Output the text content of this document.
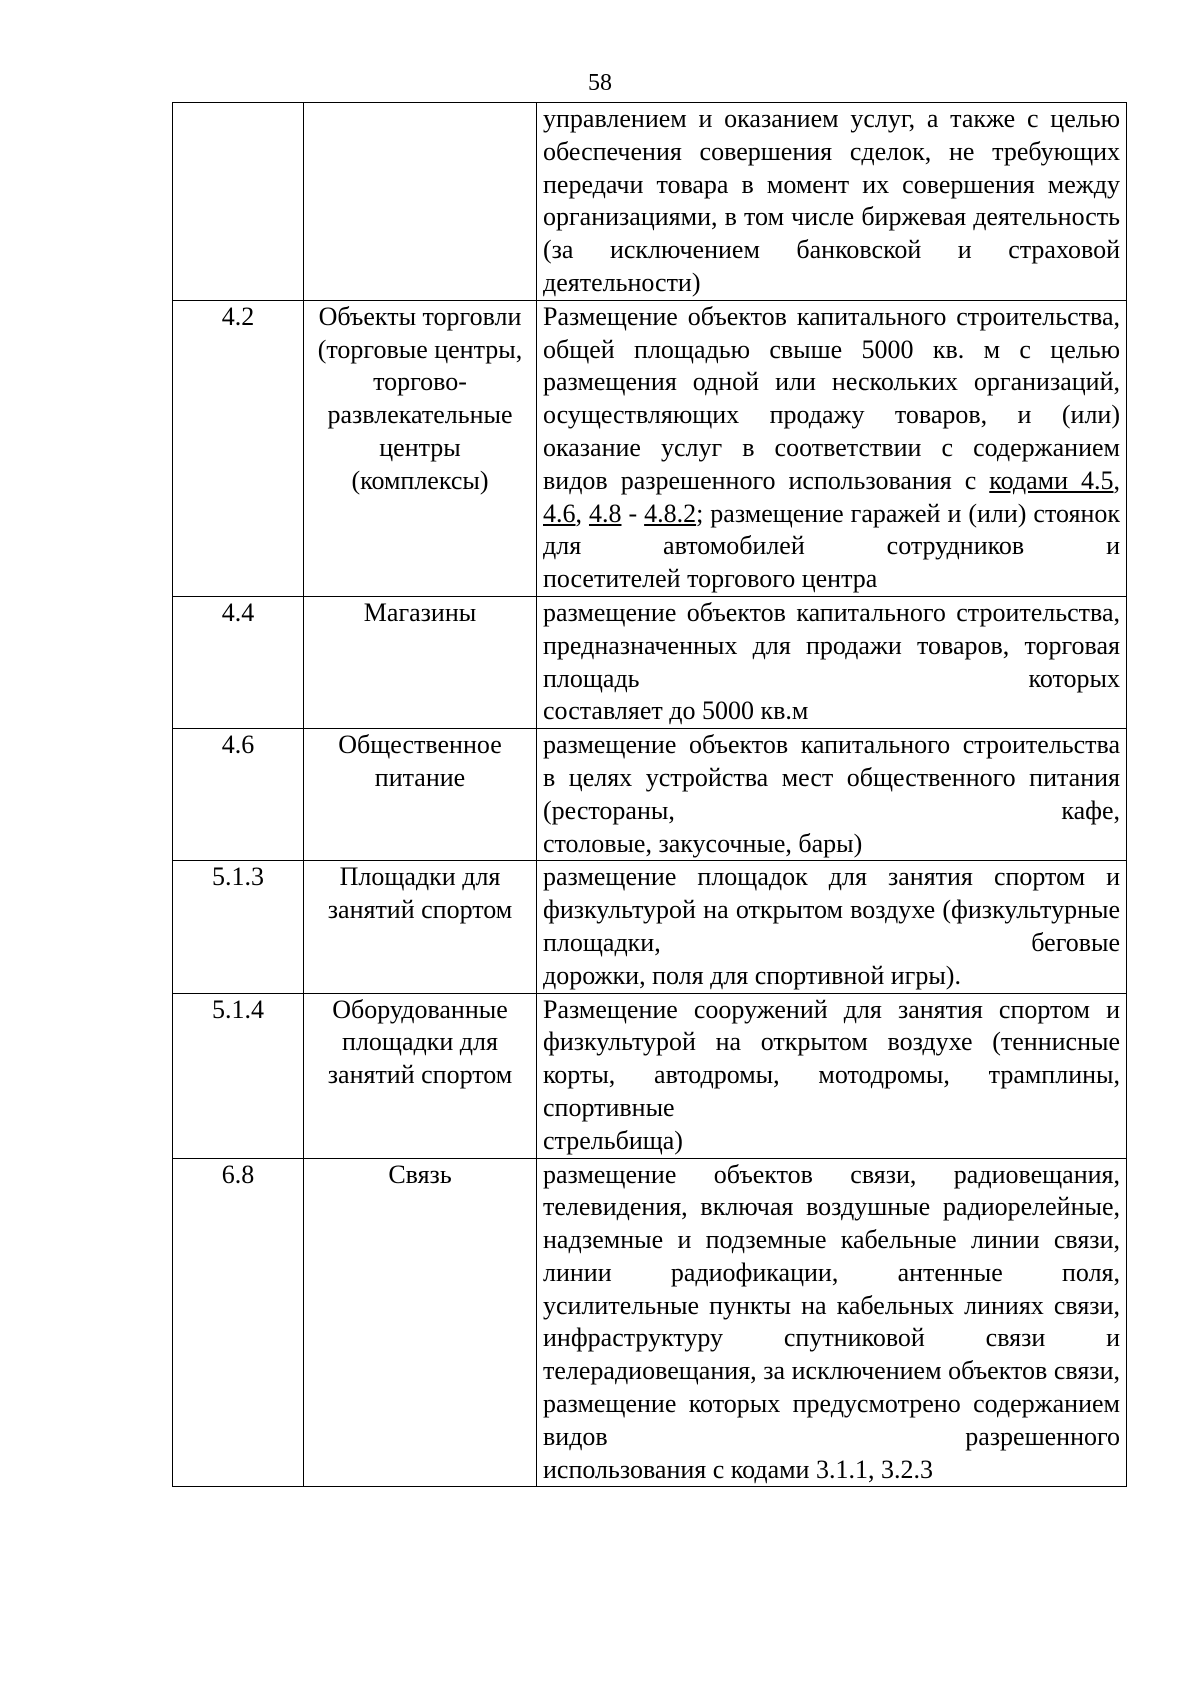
58
		управлением и оказанием услуг, а также с целью обеспечения совершения сделок, не требующих передачи товара в момент их совершения между организациями, в том числе биржевая деятельность (за исключением банковской и страховой
деятельности)

4.2	Объекты торговли (торговые центры, торгово-развлекательные центры (комплексы)	Размещение объектов капитального строительства, общей площадью свыше 5000 кв. м с целью размещения одной или нескольких организаций, осуществляющих продажу товаров, и (или) оказание услуг в соответствии с содержанием видов разрешенного использования с кодами 4.5, 4.6, 4.8 - 4.8.2; размещение гаражей и (или) стоянок для автомобилей сотрудников и
посетителей торгового центра

4.4	Магазины	размещение объектов капитального строительства, предназначенных для продажи товаров, торговая площадь которых
составляет до 5000 кв.м

4.6	Общественное питание	размещение объектов капитального строительства в целях устройства мест общественного питания (рестораны, кафе,
столовые, закусочные, бары)

5.1.3	Площадки для занятий спортом	размещение площадок для занятия спортом и физкультурой на открытом воздухе (физкультурные площадки, беговые
дорожки, поля для спортивной игры).

5.1.4	Оборудованные площадки для занятий спортом	Размещение сооружений для занятия спортом и физкультурой на открытом воздухе (теннисные корты, автодромы, мотодромы, трамплины, спортивные
стрельбища)

6.8	Связь	размещение объектов связи, радиовещания, телевидения, включая воздушные радиорелейные, надземные и подземные кабельные линии связи, линии радиофикации, антенные поля, усилительные пункты на кабельных линиях связи, инфраструктуру спутниковой связи и телерадиовещания, за исключением объектов связи, размещение которых предусмотрено содержанием видов разрешенного
использования с кодами 3.1.1, 3.2.3
